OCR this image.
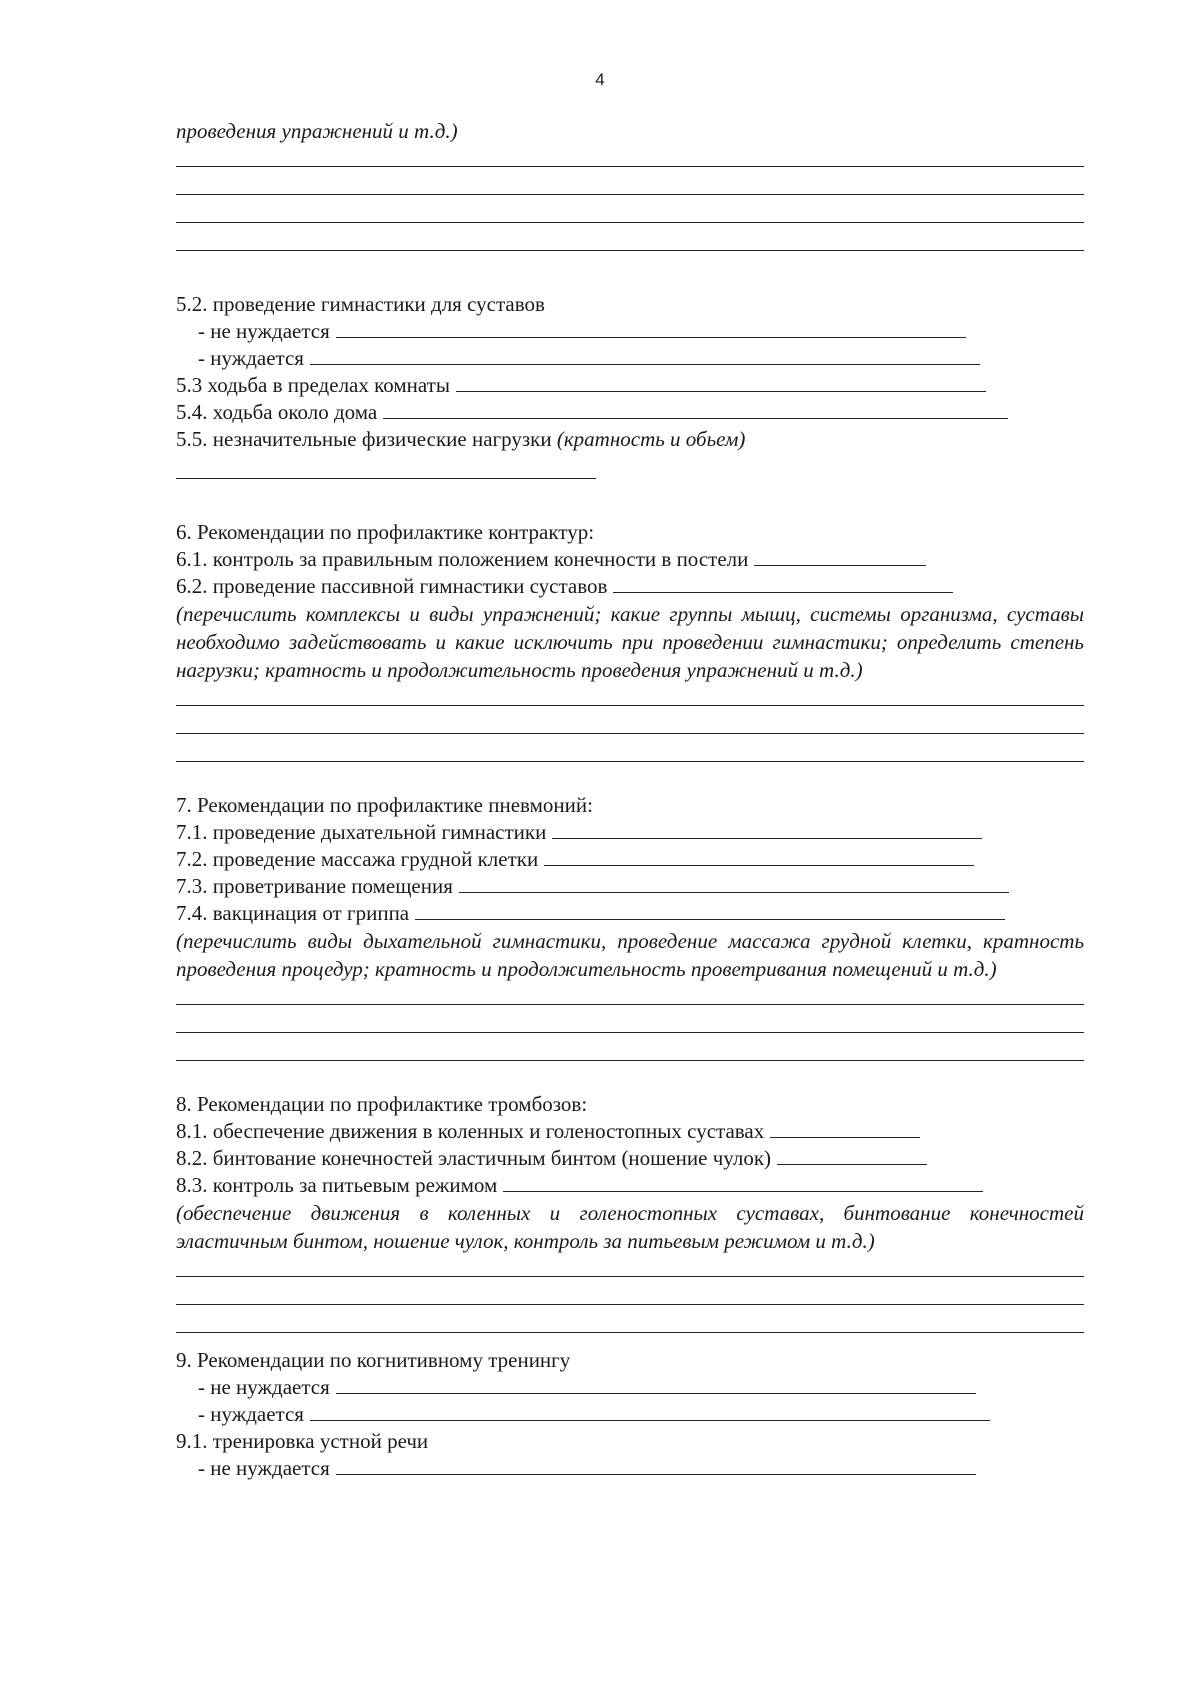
4
проведения упражнений и т.д.)
5.2. проведение гимнастики для суставов
- не нуждается
- нуждается
5.3 ходьба в пределах комнаты
5.4. ходьба около дома
5.5. незначительные физические нагрузки
(кратность и обьем)
6. Рекомендации по профилактике контрактур:
6.1. контроль за правильным положением конечности в постели
6.2. проведение пассивной гимнастики суставов
(перечислить комплексы и виды упражнений; какие группы мышц, системы организма, суставы необходимо задействовать и какие исключить при проведении гимнастики; определить степень нагрузки; кратность и продолжительность проведения упражнений и т.д.)
7. Рекомендации по профилактике пневмоний:
7.1. проведение дыхательной гимнастики
7.2. проведение массажа грудной клетки
7.3. проветривание помещения
7.4. вакцинация от гриппа
(перечислить виды дыхательной гимнастики, проведение массажа грудной клетки, кратность проведения процедур; кратность и продолжительность проветривания помещений и т.д.)
8. Рекомендации по профилактике тромбозов:
8.1. обеспечение движения в коленных и голеностопных суставах
8.2. бинтование конечностей эластичным бинтом (ношение чулок)
8.3. контроль за питьевым режимом
(обеспечение движения в коленных и голеностопных суставах, бинтование конечностей эластичным бинтом, ношение чулок, контроль за питьевым режимом и т.д.)
9. Рекомендации по когнитивному тренингу
- не нуждается
- нуждается
9.1. тренировка устной речи
- не нуждается
